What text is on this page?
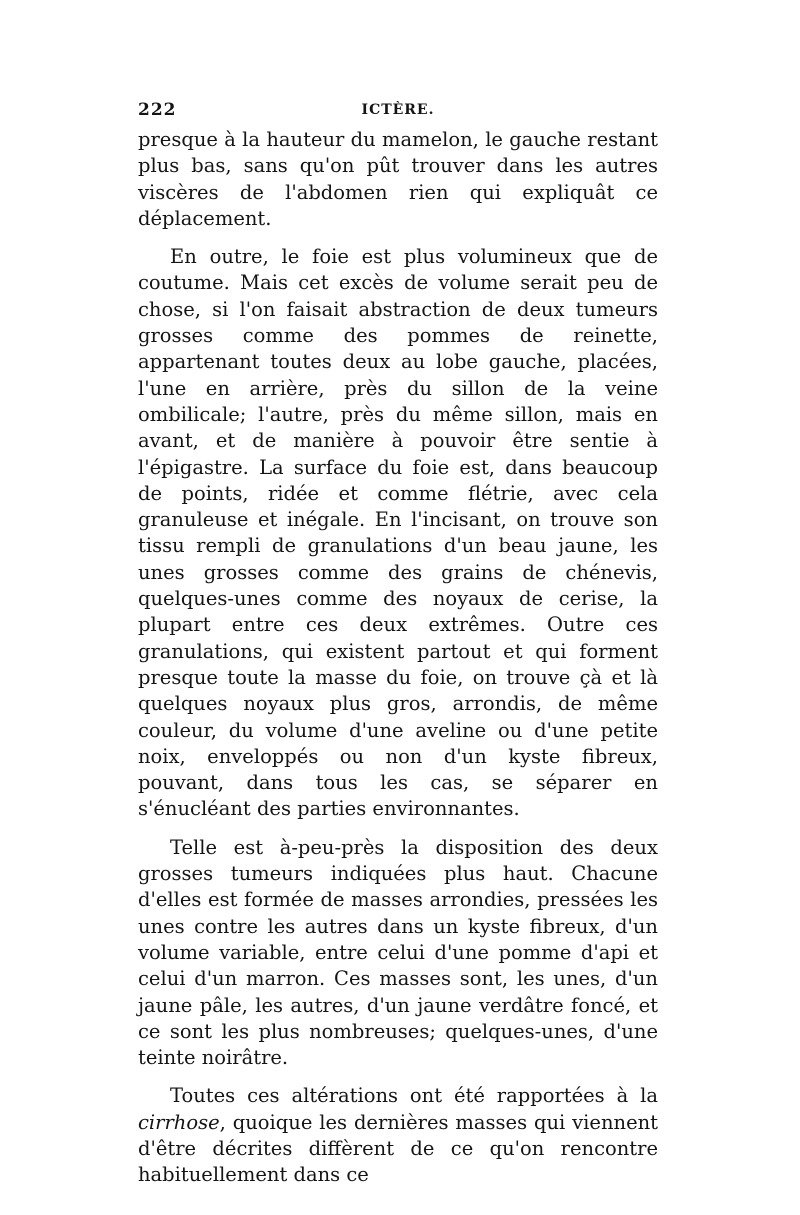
222	ICTÈRE.

presque à la hauteur du mamelon, le gauche restant plus bas, sans qu'on pût trouver dans les autres viscères de l'abdomen rien qui expliquât ce déplacement.

En outre, le foie est plus volumineux que de coutume. Mais cet excès de volume serait peu de chose, si l'on faisait abstraction de deux tumeurs grosses comme des pommes de reinette, appartenant toutes deux au lobe gauche, placées, l'une en arrière, près du sillon de la veine ombilicale; l'autre, près du même sillon, mais en avant, et de manière à pouvoir être sentie à l'épigastre. La surface du foie est, dans beaucoup de points, ridée et comme flétrie, avec cela granuleuse et inégale. En l'incisant, on trouve son tissu rempli de granulations d'un beau jaune, les unes grosses comme des grains de chénevis, quelques-unes comme des noyaux de cerise, la plupart entre ces deux extrêmes. Outre ces granulations, qui existent partout et qui forment presque toute la masse du foie, on trouve çà et là quelques noyaux plus gros, arrondis, de même couleur, du volume d'une aveline ou d'une petite noix, enveloppés ou non d'un kyste fibreux, pouvant, dans tous les cas, se séparer en s'énucléant des parties environnantes.

Telle est à-peu-près la disposition des deux grosses tumeurs indiquées plus haut. Chacune d'elles est formée de masses arrondies, pressées les unes contre les autres dans un kyste fibreux, d'un volume variable, entre celui d'une pomme d'api et celui d'un marron. Ces masses sont, les unes, d'un jaune pâle, les autres, d'un jaune verdâtre foncé, et ce sont les plus nombreuses; quelques-unes, d'une teinte noirâtre.

Toutes ces altérations ont été rapportées à la cirrhose, quoique les dernières masses qui viennent d'être décrites diffèrent de ce qu'on rencontre habituellement dans ce
